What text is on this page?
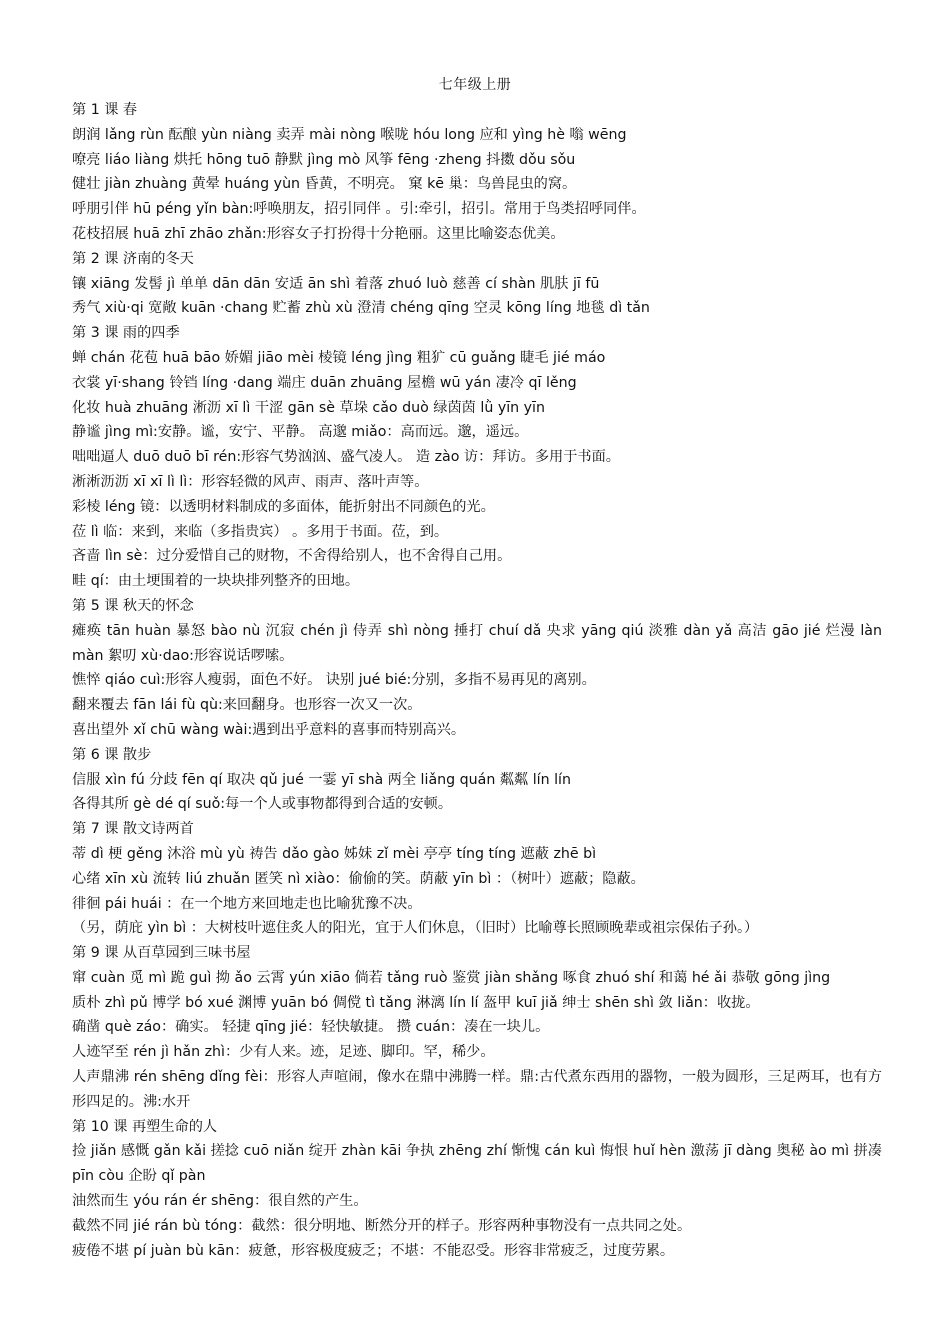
七年级上册
第 1 课 春
朗润 lǎng rùn 酝酿 yùn niàng 卖弄 mài nòng 喉咙 hóu long 应和 yìng hè 嗡 wēng
嘹亮 liáo liàng 烘托 hōng tuō 静默 jìng mò 风筝 fēng ·zheng 抖擞 dǒu sǒu
健壮 jiàn zhuàng 黄晕 huáng yùn 昏黄，不明亮。 窠 kē 巢：鸟兽昆虫的窝。
呼朋引伴 hū péng yǐn bàn:呼唤朋友，招引同伴 。引:牵引，招引。常用于鸟类招呼同伴。
花枝招展 huā zhī zhāo zhǎn:形容女子打扮得十分艳丽。这里比喻姿态优美。
第 2 课 济南的冬天
镶 xiāng 发髻 jì 单单 dān dān 安适 ān shì 着落 zhuó luò 慈善 cí shàn 肌肤 jī fū
秀气 xiù·qi 宽敞 kuān ·chang 贮蓄 zhù xù 澄清 chéng qīng 空灵 kōng líng 地毯 dì tǎn
第 3 课 雨的四季
蝉 chán 花苞 huā bāo 娇媚 jiāo mèi 棱镜 léng jìng 粗犷 cū guǎng 睫毛 jié máo
衣裳 yī·shang 铃铛 líng ·dang 端庄 duān zhuāng 屋檐 wū yán 凄冷 qī lěng
化妆 huà zhuāng 淅沥 xī lì 干涩 gān sè 草垛 cǎo duò 绿茵茵 lǜ yīn yīn
静谧 jìng mì:安静。谧，安宁、平静。 高邈 miǎo：高而远。邈，遥远。
咄咄逼人 duō duō bī rén:形容气势汹汹、盛气凌人。 造 zào 访：拜访。多用于书面。
淅淅沥沥 xī xī lì lì：形容轻微的风声、雨声、落叶声等。
彩棱 léng 镜：以透明材料制成的多面体，能折射出不同颜色的光。
莅 lì 临：来到，来临（多指贵宾） 。多用于书面。莅，到。
吝啬 lìn sè：过分爱惜自己的财物，不舍得给别人，也不舍得自己用。
畦 qí：由土埂围着的一块块排列整齐的田地。
第 5 课 秋天的怀念
瘫痪 tān huàn 暴怒 bào nù 沉寂 chén jì 侍弄 shì nòng 捶打 chuí dǎ 央求 yāng qiú 淡雅 dàn yǎ 高洁 gāo jié 烂漫 làn màn 絮叨 xù·dao:形容说话啰嗦。
憔悴 qiáo cuì:形容人瘦弱，面色不好。 诀别 jué bié:分别，多指不易再见的离别。
翻来覆去 fān lái fù qù:来回翻身。也形容一次又一次。
喜出望外 xǐ chū wàng wài:遇到出乎意料的喜事而特别高兴。
第 6 课 散步
信服 xìn fú 分歧 fēn qí 取决 qǔ jué 一霎 yī shà 两全 liǎng quán 粼粼 lín lín
各得其所 gè dé qí suǒ:每一个人或事物都得到合适的安顿。
第 7 课 散文诗两首
蒂 dì 梗 gěng 沐浴 mù yù 祷告 dǎo gào 姊妹 zǐ mèi 亭亭 tíng tíng 遮蔽 zhē bì
心绪 xīn xù 流转 liú zhuǎn 匿笑 nì xiào：偷偷的笑。荫蔽 yīn bì ：（树叶）遮蔽；隐蔽。
徘徊 pái huái ：在一个地方来回地走也比喻犹豫不决。
（另，荫庇 yìn bì ：大树枝叶遮住炙人的阳光，宜于人们休息，（旧时）比喻尊长照顾晚辈或祖宗保佑子孙。）
第 9 课 从百草园到三味书屋
窜 cuàn 觅 mì 跪 guì 拗 ǎo 云霄 yún xiāo 倘若 tǎng ruò 鉴赏 jiàn shǎng 啄食 zhuó shí 和蔼 hé ǎi 恭敬 gōng jìng
质朴 zhì pǔ 博学 bó xué 渊博 yuān bó 倜傥 tì tǎng 淋漓 lín lí 盔甲 kuī jiǎ 绅士 shēn shì 敛 liǎn：收拢。
确凿 què záo：确实。 轻捷 qīng jié：轻快敏捷。 攒 cuán：凑在一块儿。
人迹罕至 rén jì hǎn zhì：少有人来。迹，足迹、脚印。罕，稀少。
人声鼎沸 rén shēng dǐng fèi：形容人声喧闹，像水在鼎中沸腾一样。鼎:古代煮东西用的器物，一般为圆形，三足两耳，也有方形四足的。沸:水开
第 10 课 再塑生命的人
捡 jiǎn 感慨 gǎn kǎi 搓捻 cuō niǎn 绽开 zhàn kāi 争执 zhēng zhí 惭愧 cán kuì 悔恨 huǐ hèn 激荡 jī dàng 奥秘 ào mì 拼凑 pīn còu 企盼 qǐ pàn
油然而生 yóu rán ér shēng：很自然的产生。
截然不同 jié rán bù tóng：截然：很分明地、断然分开的样子。形容两种事物没有一点共同之处。
疲倦不堪 pí juàn bù kān：疲惫，形容极度疲乏；不堪：不能忍受。形容非常疲乏，过度劳累。
